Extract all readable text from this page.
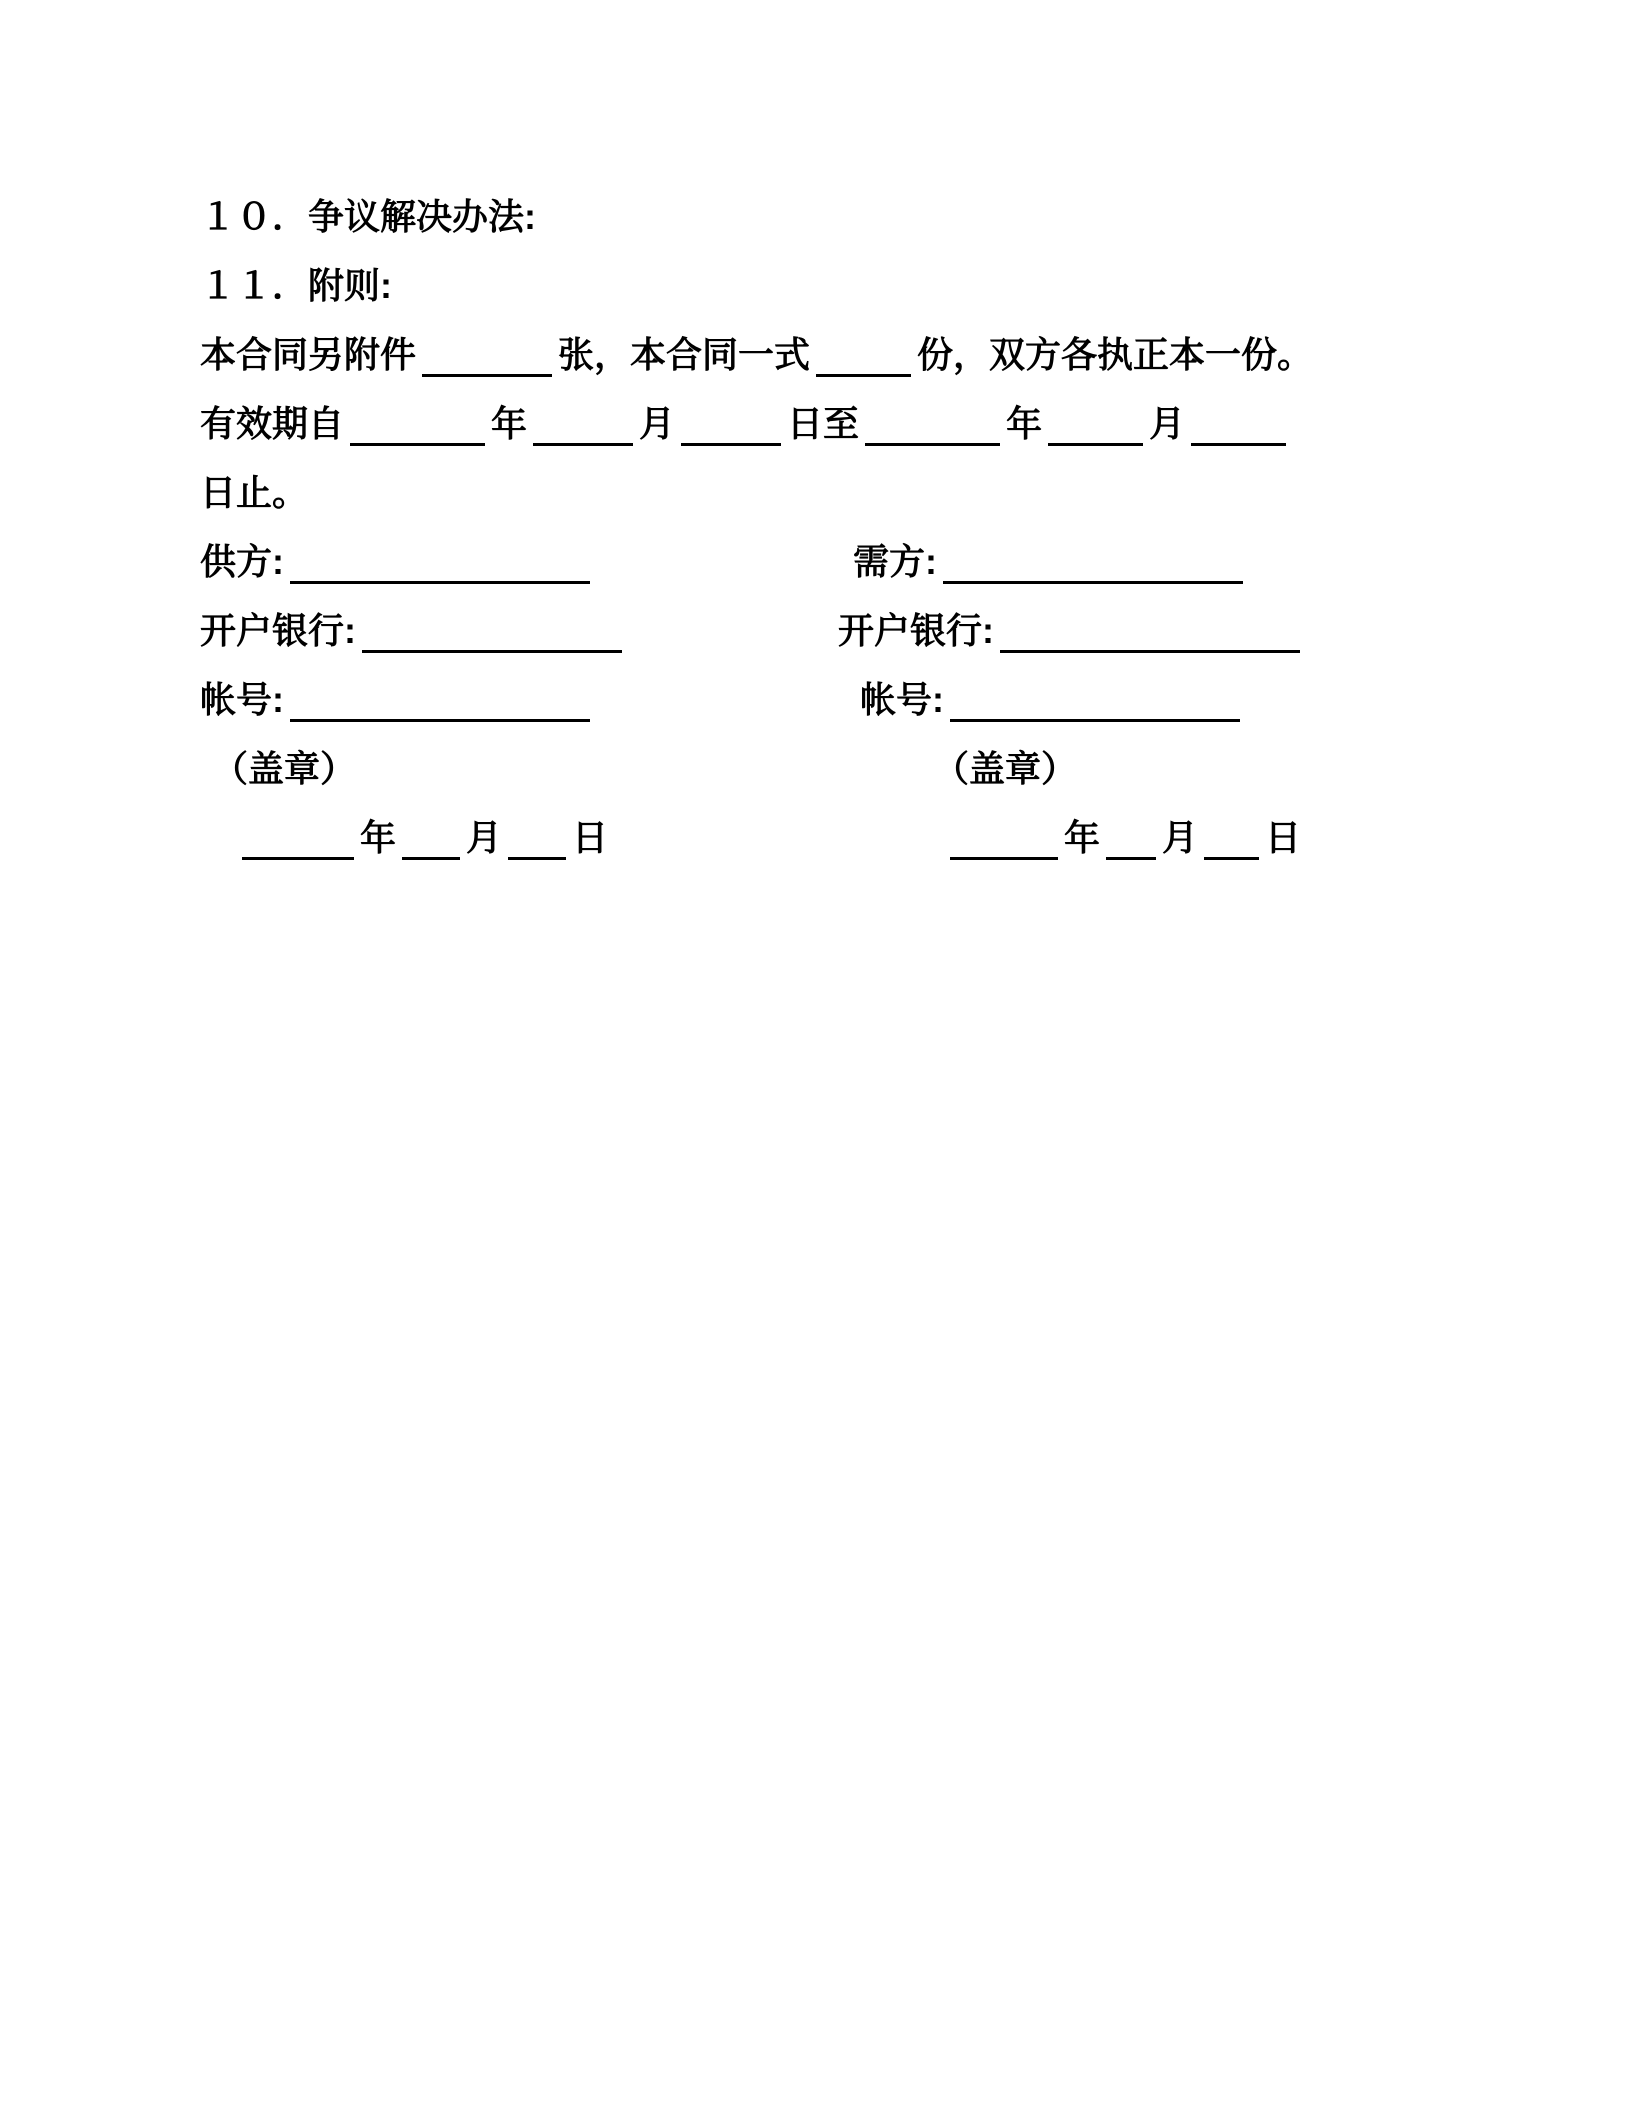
１０．争议解决办法:
１１．附则:
本合同另附件	张，本合同一式	份，双方各执正本一份。
有效期自	年	月	日至	年	月
日止。
供方:	需方:
开户银行:	开户银行:
帐号:	帐号:
（盖章）	（盖章）
年 月 日	年 月 日
